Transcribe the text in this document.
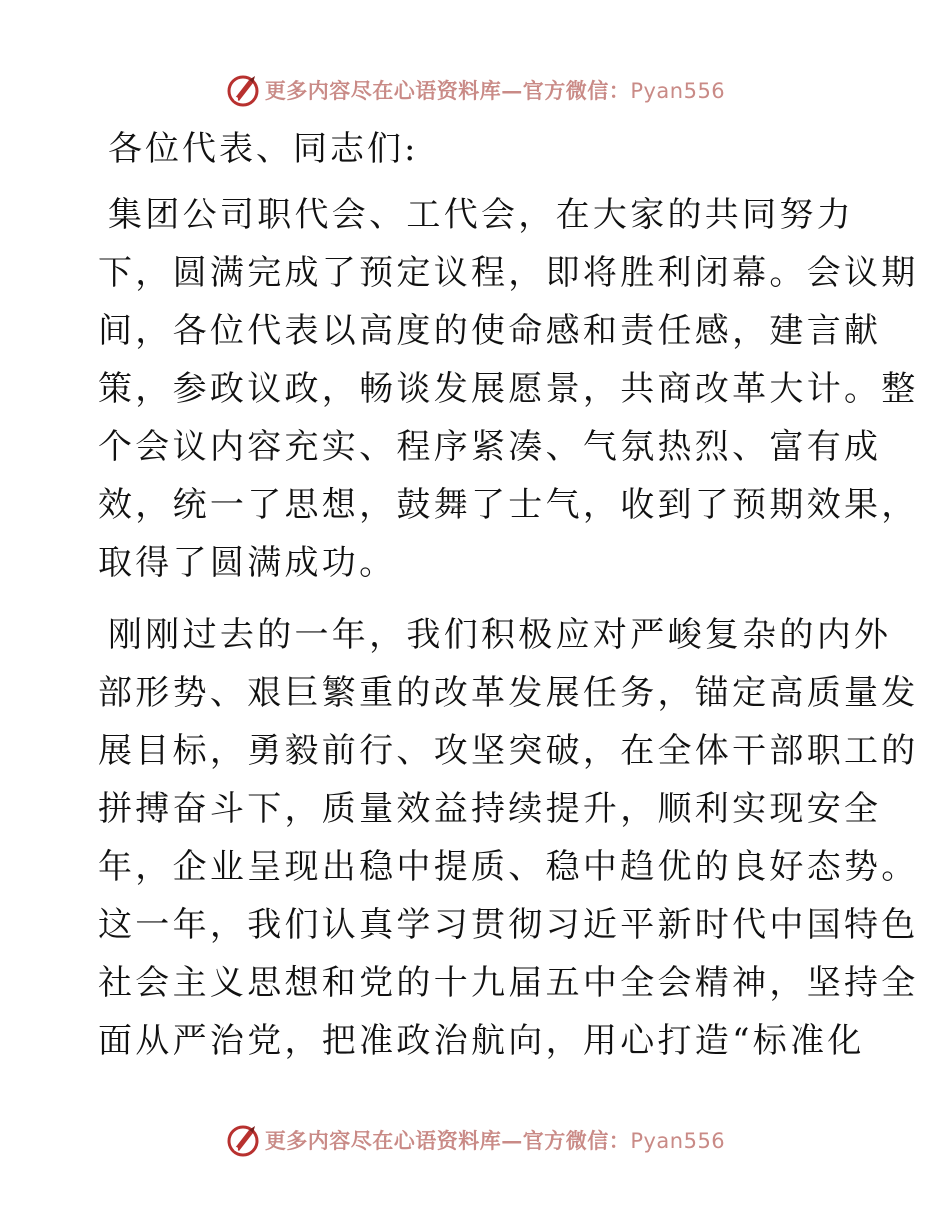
更多内容尽在心语资料库—官方微信：Pyan556
各位代表、同志们:
集团公司职代会、工代会，在大家的共同努力
下，圆满完成了预定议程，即将胜利闭幕。会议期
间，各位代表以高度的使命感和责任感，建言献
策，参政议政，畅谈发展愿景，共商改革大计。整
个会议内容充实、程序紧凑、气氛热烈、富有成
效，统一了思想，鼓舞了士气，收到了预期效果，
取得了圆满成功。
刚刚过去的一年，我们积极应对严峻复杂的内外
部形势、艰巨繁重的改革发展任务，锚定高质量发
展目标，勇毅前行、攻坚突破，在全体干部职工的
拼搏奋斗下，质量效益持续提升，顺利实现安全
年，企业呈现出稳中提质、稳中趋优的良好态势。
这一年，我们认真学习贯彻习近平新时代中国特色
社会主义思想和党的十九届五中全会精神，坚持全
面从严治党，把准政治航向，用心打造“标准化
更多内容尽在心语资料库—官方微信：Pyan556
